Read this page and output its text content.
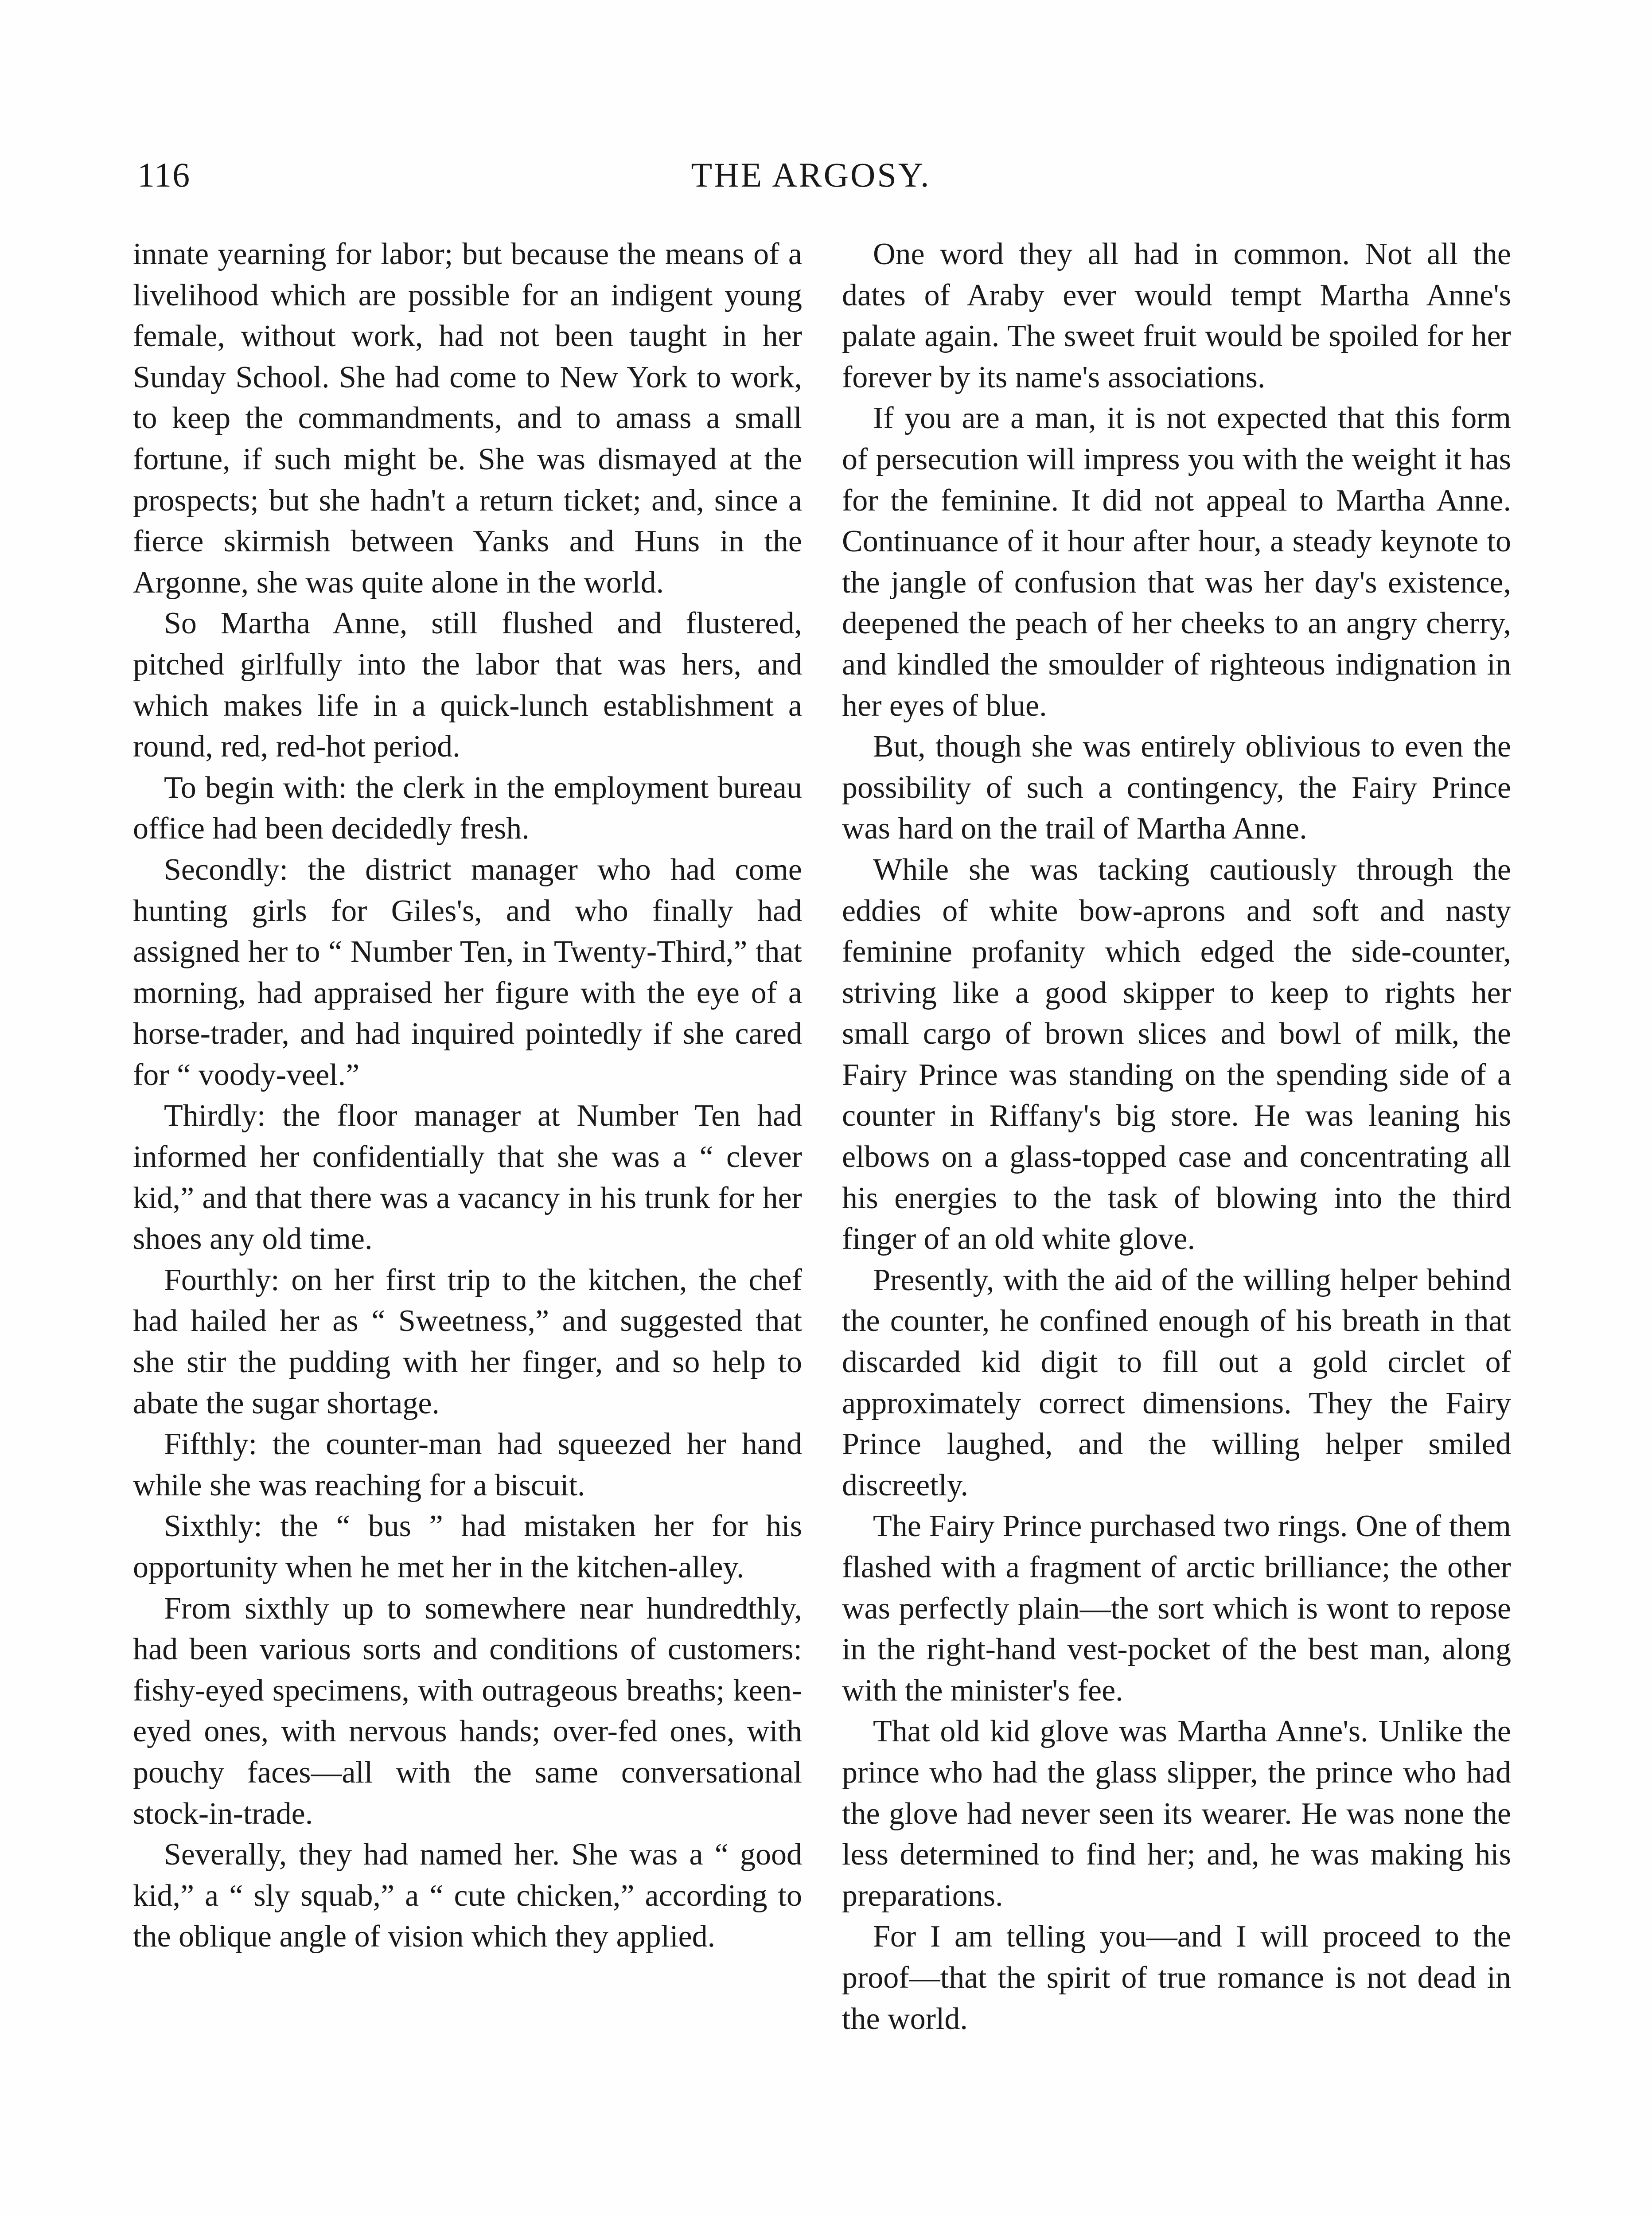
116	THE ARGOSY.

innate yearning for labor; but because the means of a livelihood which are possible for an indigent young female, without work, had not been taught in her Sunday School. She had come to New York to work, to keep the commandments, and to amass a small fortune, if such might be. She was dismayed at the prospects; but she hadn't a return ticket; and, since a fierce skirmish between Yanks and Huns in the Argonne, she was quite alone in the world.

So Martha Anne, still flushed and flustered, pitched girlfully into the labor that was hers, and which makes life in a quick-lunch establishment a round, red, red-hot period.

To begin with: the clerk in the employment bureau office had been decidedly fresh.

Secondly: the district manager who had come hunting girls for Giles's, and who finally had assigned her to “ Number Ten, in Twenty-Third,” that morning, had appraised her figure with the eye of a horse-trader, and had inquired pointedly if she cared for “ voody-veel.”

Thirdly: the floor manager at Number Ten had informed her confidentially that she was a “ clever kid,” and that there was a vacancy in his trunk for her shoes any old time.

Fourthly: on her first trip to the kitchen, the chef had hailed her as “ Sweetness,” and suggested that she stir the pudding with her finger, and so help to abate the sugar shortage.

Fifthly: the counter-man had squeezed her hand while she was reaching for a biscuit.

Sixthly: the “ bus ” had mistaken her for his opportunity when he met her in the kitchen-alley.

From sixthly up to somewhere near hundredthly, had been various sorts and conditions of customers: fishy-eyed specimens, with outrageous breaths; keen-eyed ones, with nervous hands; over-fed ones, with pouchy faces—all with the same conversational stock-in-trade.

Severally, they had named her. She was a “ good kid,” a “ sly squab,” a “ cute chicken,” according to the oblique angle of vision which they applied.

One word they all had in common. Not all the dates of Araby ever would tempt Martha Anne's palate again. The sweet fruit would be spoiled for her forever by its name's associations.

If you are a man, it is not expected that this form of persecution will impress you with the weight it has for the feminine. It did not appeal to Martha Anne. Continuance of it hour after hour, a steady keynote to the jangle of confusion that was her day's existence, deepened the peach of her cheeks to an angry cherry, and kindled the smoulder of righteous indignation in her eyes of blue.

But, though she was entirely oblivious to even the possibility of such a contingency, the Fairy Prince was hard on the trail of Martha Anne.

While she was tacking cautiously through the eddies of white bow-aprons and soft and nasty feminine profanity which edged the side-counter, striving like a good skipper to keep to rights her small cargo of brown slices and bowl of milk, the Fairy Prince was standing on the spending side of a counter in Riffany's big store. He was leaning his elbows on a glass-topped case and concentrating all his energies to the task of blowing into the third finger of an old white glove.

Presently, with the aid of the willing helper behind the counter, he confined enough of his breath in that discarded kid digit to fill out a gold circlet of approximately correct dimensions. They the Fairy Prince laughed, and the willing helper smiled discreetly.

The Fairy Prince purchased two rings. One of them flashed with a fragment of arctic brilliance; the other was perfectly plain—the sort which is wont to repose in the right-hand vest-pocket of the best man, along with the minister's fee.

That old kid glove was Martha Anne's. Unlike the prince who had the glass slipper, the prince who had the glove had never seen its wearer. He was none the less determined to find her; and, he was making his preparations.

For I am telling you—and I will proceed to the proof—that the spirit of true romance is not dead in the world.
